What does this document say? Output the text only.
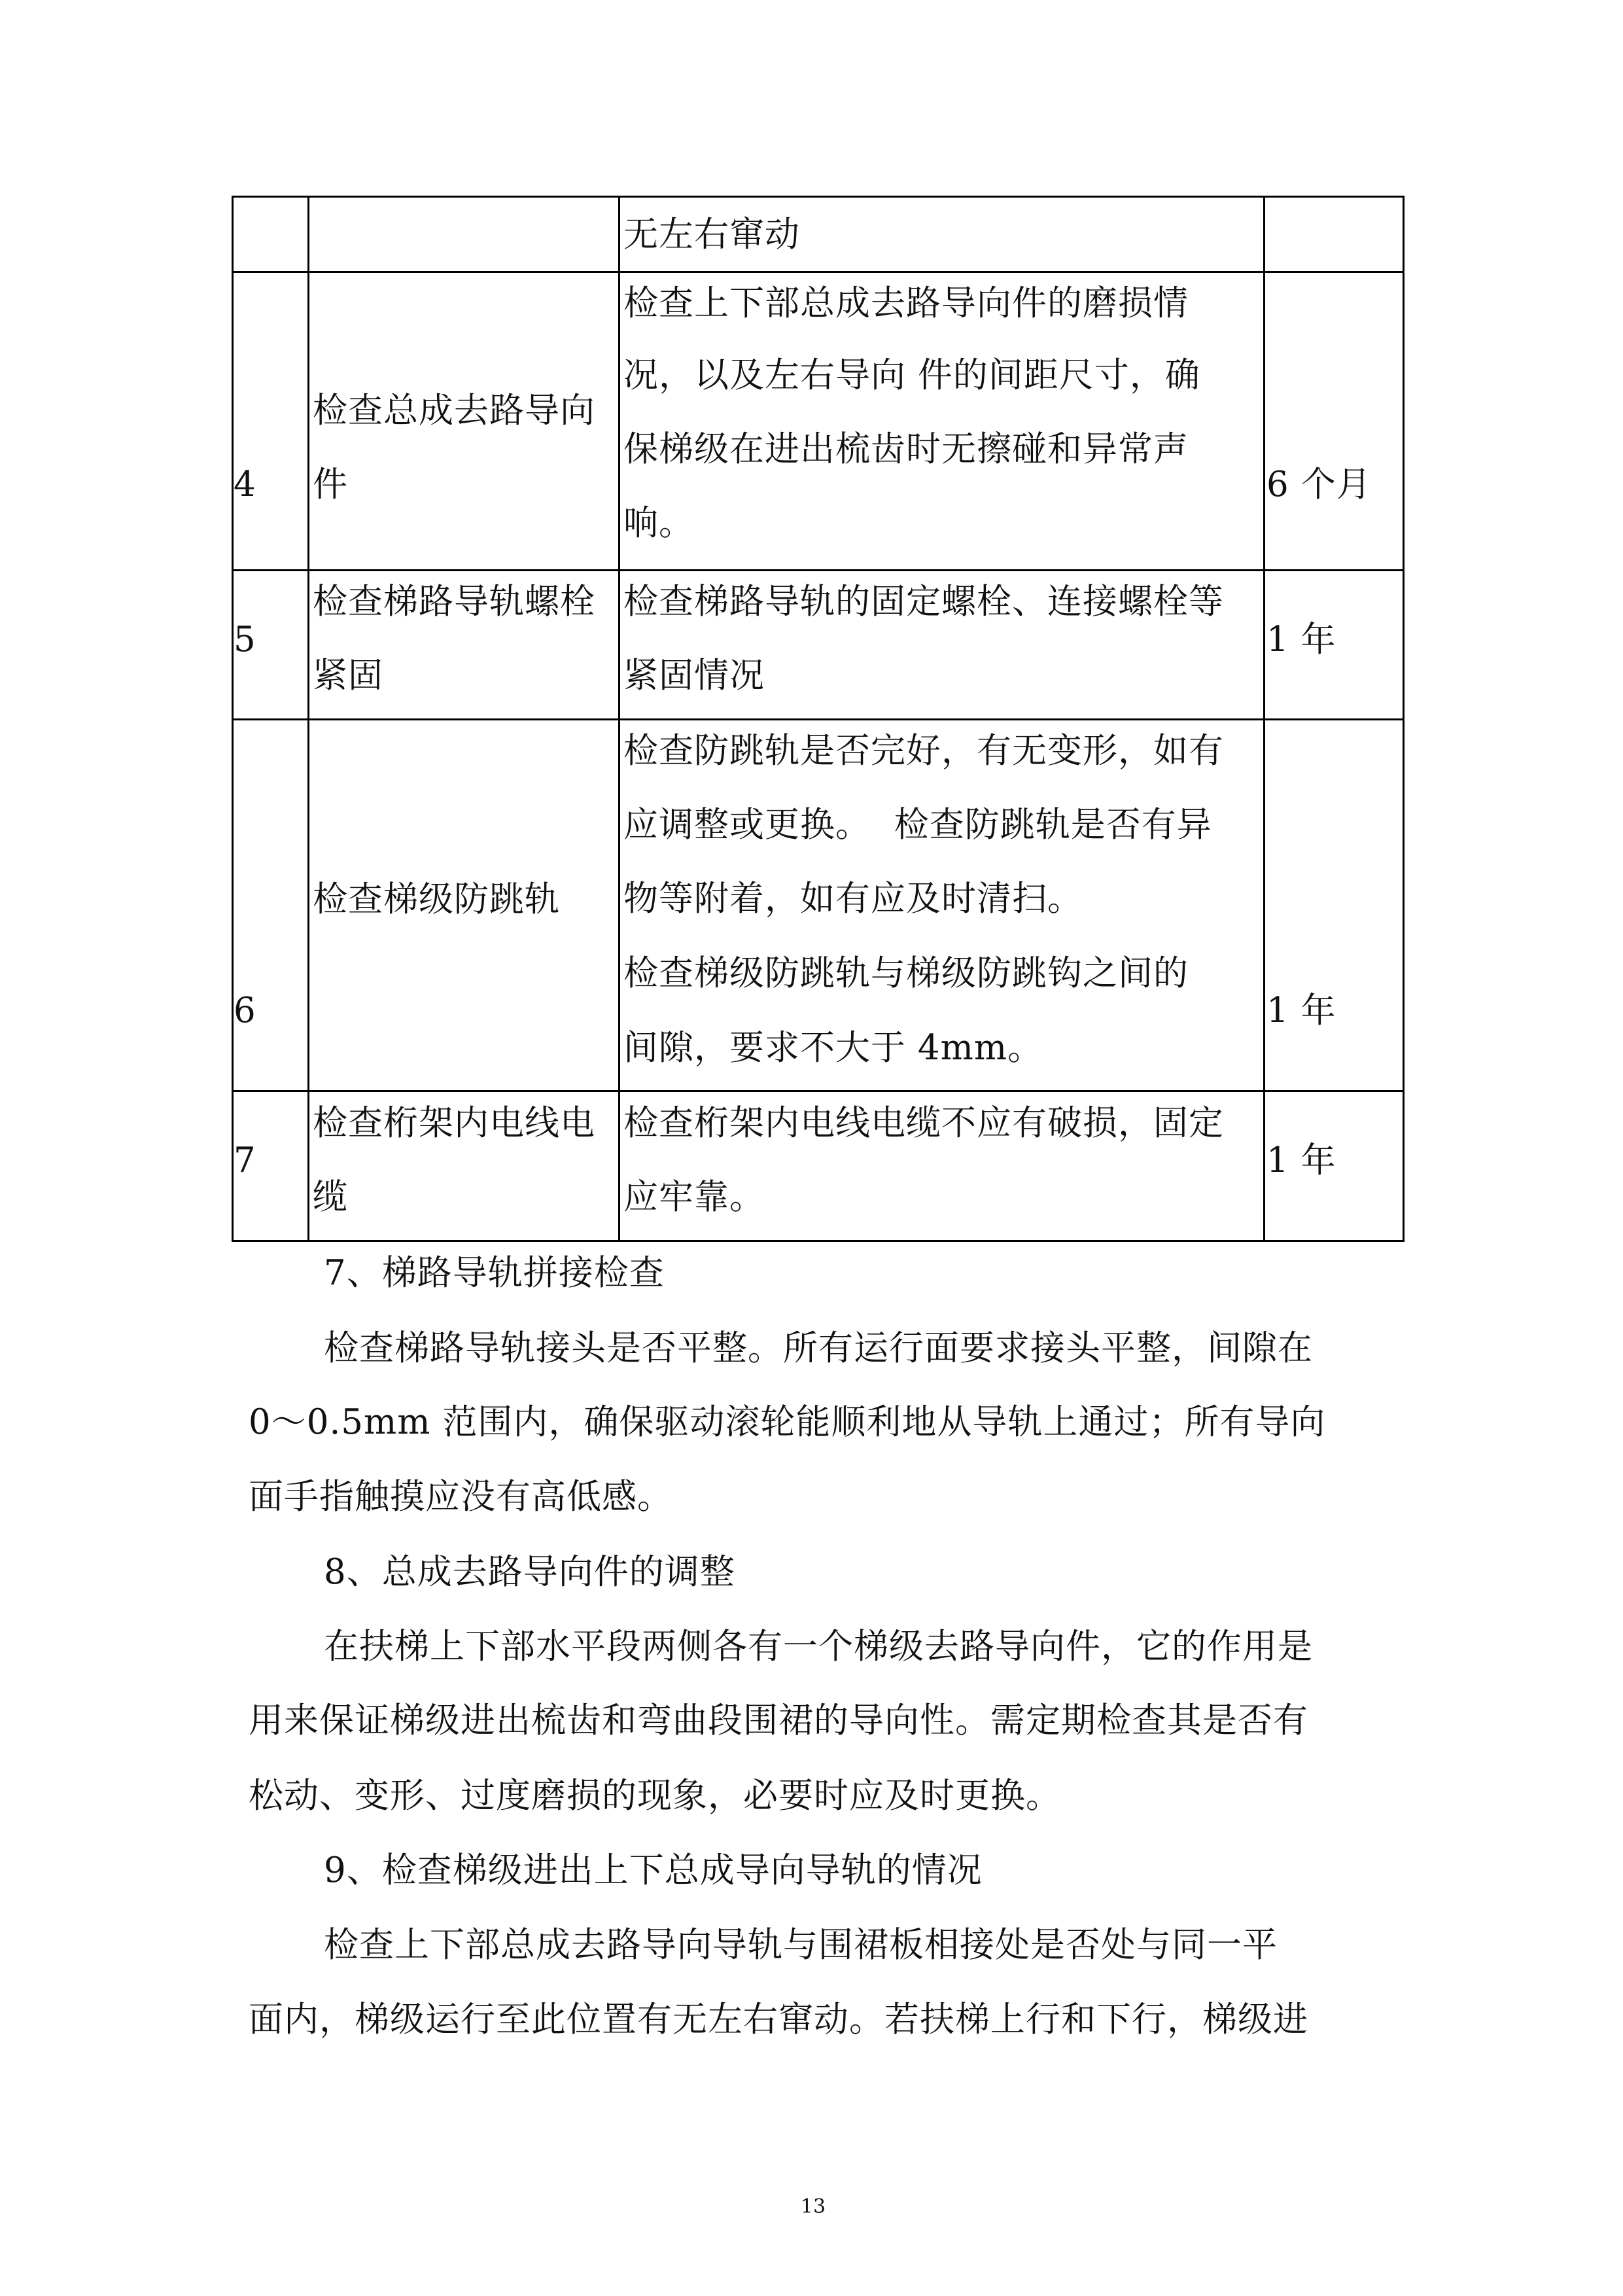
无左右窜动
4
检查总成去路导向
件
检查上下部总成去路导向件的磨损情
况，以及左右导向 件的间距尺寸，确
保梯级在进出梳齿时无擦碰和异常声
响。
6 个月
5
检查梯路导轨螺栓
紧固
检查梯路导轨的固定螺栓、连接螺栓等
紧固情况
1 年
6
检查梯级防跳轨
检查防跳轨是否完好，有无变形，如有
应调整或更换。  检查防跳轨是否有异
物等附着，如有应及时清扫。
检查梯级防跳轨与梯级防跳钩之间的
间隙，要求不大于 4mm。
1 年
7
检查桁架内电线电
缆
检查桁架内电线电缆不应有破损，固定
应牢靠。
1 年
7、梯路导轨拼接检查
检查梯路导轨接头是否平整。所有运行面要求接头平整，间隙在
0～0.5mm 范围内，确保驱动滚轮能顺利地从导轨上通过；所有导向
面手指触摸应没有高低感。
8、总成去路导向件的调整
在扶梯上下部水平段两侧各有一个梯级去路导向件，它的作用是
用来保证梯级进出梳齿和弯曲段围裙的导向性。需定期检查其是否有
松动、变形、过度磨损的现象，必要时应及时更换。
9、检查梯级进出上下总成导向导轨的情况
检查上下部总成去路导向导轨与围裙板相接处是否处与同一平
面内，梯级运行至此位置有无左右窜动。若扶梯上行和下行，梯级进
13
